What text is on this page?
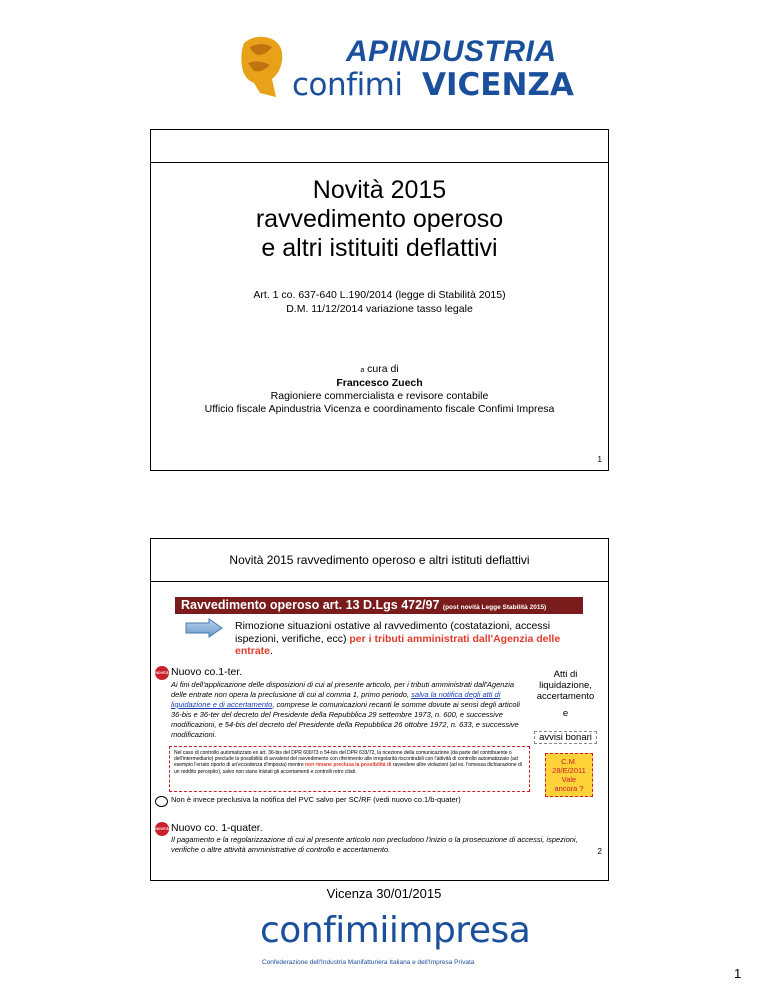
APINDUSTRIA
confimi VICENZA
Novità 2015
ravvedimento operoso
e altri istituiti deflattivi
Art. 1 co. 637-640 L.190/2014 (legge di Stabilità 2015)
D.M. 11/12/2014 variazione tasso legale
a cura di
Francesco Zuech
Ragioniere commercialista e revisore contabile
Ufficio fiscale Apindustria Vicenza e coordinamento fiscale Confimi Impresa
1
Novità 2015 ravvedimento operoso e altri istituti deflattivi
Ravvedimento operoso art. 13 D.Lgs 472/97 (post novità Legge Stabilità 2015)
Rimozione situazioni ostative al ravvedimento (costatazioni, accessi ispezioni, verifiche, ecc) per i tributi amministrati dall'Agenzia delle entrate.
NOVITÀ Nuovo co.1-ter.
Ai fini dell'applicazione delle disposizioni di cui al presente articolo, per i tributi amministrati dall'Agenzia delle entrate non opera la preclusione di cui al comma 1, primo periodo, salva la notifica degli atti di liquidazione e di accertamento, comprese le comunicazioni recanti le somme dovute ai sensi degli articoli 36-bis e 36-ter del decreto del Presidente della Repubblica 29 settembre 1973, n. 600, e successive modificazioni, e 54-bis del decreto del Presidente della Repubblica 26 ottobre 1972, n. 633, e successive modificazioni.
Nel caso di controllo automatizzato ex art. 36-bis del DPR 600/73 o 54-bis del DPR 633/72, la ricezione della comunicazione (da parte del contribuente o dell'intermediario) preclude la possibilità di avvalersi del ravvedimento con riferimento alle irregolarità riscontrabili con l'attività di controllo automatizzato (ad esempio l'errato riporto di un'eccedenza d'imposta) mentre non rimane preclusa la possibilità di ravvedere altre violazioni (ad es. l'omessa dichiarazione di un reddito percepito), salvo non siano iniziati gli accertamenti e controlli retro citati.
Atti di
liquidazione,
accertamento
e
avvisi bonari
C.M.
28/E/2011
Vale
ancora ?
Non è invece preclusiva la notifica del PVC salvo per SC/RF (vedi nuovo co.1/b-quater)
NOVITÀ Nuovo co. 1-quater.
Il pagamento e la regolarizzazione di cui al presente articolo non precludono l'inizio o la prosecuzione di accessi, ispezioni, verifiche o altre attività amministrative di controllo e accertamento.	2
Vicenza 30/01/2015
confimiimpresa
Confederazione dell'Industria Manifatturiera Italiana e dell'Impresa Privata
1
